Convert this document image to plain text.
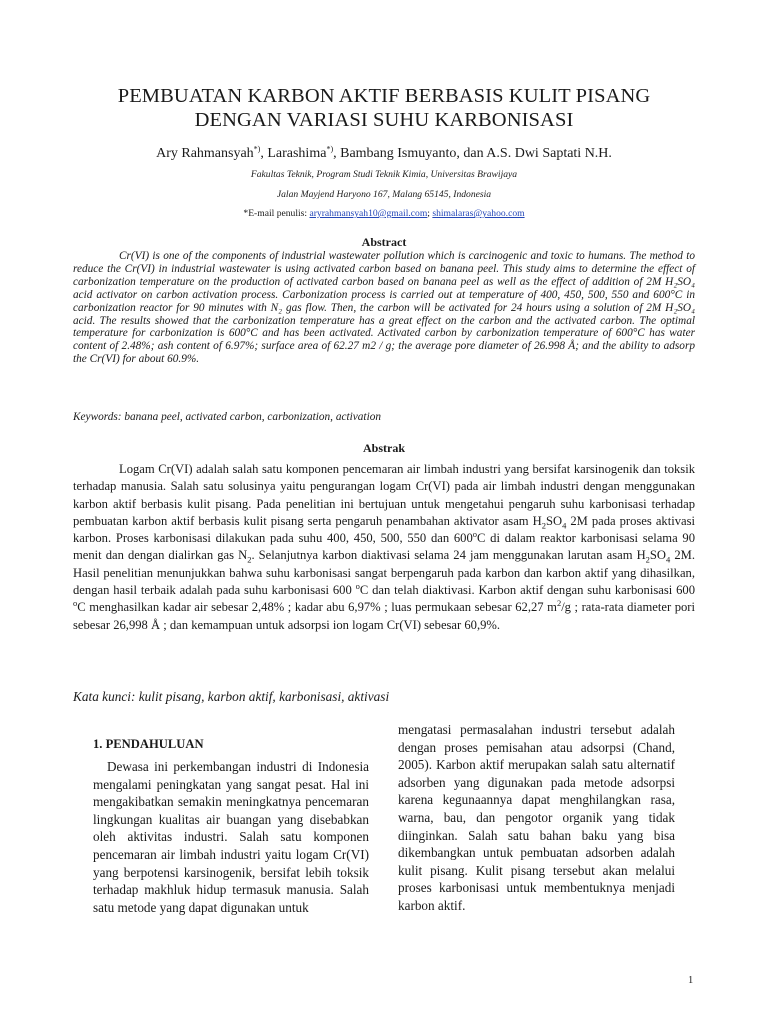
PEMBUATAN KARBON AKTIF BERBASIS KULIT PISANG
DENGAN VARIASI SUHU KARBONISASI
Ary Rahmansyah*), Larashima*), Bambang Ismuyanto, dan A.S. Dwi Saptati N.H.
Fakultas Teknik, Program Studi Teknik Kimia, Universitas Brawijaya
Jalan Mayjend Haryono 167, Malang 65145, Indonesia
*E-mail penulis: aryrahmansyah10@gmail.com; shimalaras@yahoo.com
Abstract

Cr(VI) is one of the components of industrial wastewater pollution which is carcinogenic and toxic to humans. The method to reduce the Cr(VI) in industrial wastewater is using activated carbon based on banana peel. This study aims to determine the effect of carbonization temperature on the production of activated carbon based on banana peel as well as the effect of addition of 2M H₂SO₄ acid activator on carbon activation process. Carbonization process is carried out at temperature of 400, 450, 500, 550 and 600°C in carbonization reactor for 90 minutes with N₂ gas flow. Then, the carbon will be activated for 24 hours using a solution of 2M H₂SO₄ acid. The results showed that the carbonization temperature has a great effect on the carbon and the activated carbon. The optimal temperature for carbonization is 600°C and has been activated. Activated carbon by carbonization temperature of 600°C has water content of 2.48%; ash content of 6.97%; surface area of 62.27 m2 / g; the average pore diameter of 26.998 Å; and the ability to adsorp the Cr(VI) for about 60.9%.

Keywords: banana peel, activated carbon, carbonization, activation
Abstrak

Logam Cr(VI) adalah salah satu komponen pencemaran air limbah industri yang bersifat karsinogenik dan toksik terhadap manusia. Salah satu solusinya yaitu pengurangan logam Cr(VI) pada air limbah industri dengan menggunakan karbon aktif berbasis kulit pisang. Pada penelitian ini bertujuan untuk mengetahui pengaruh suhu karbonisasi terhadap pembuatan karbon aktif berbasis kulit pisang serta pengaruh penambahan aktivator asam $H_2SO_4$ 2M pada proses aktivasi karbon. Proses karbonisasi dilakukan pada suhu 400, 450, 500, 550 dan 600$^o$C di dalam reaktor karbonisasi selama 90 menit dan dengan dialirkan gas $N_2$. Selanjutnya karbon diaktivasi selama 24 jam menggunakan larutan asam $H_2SO_4$ 2M. Hasil penelitian menunjukkan bahwa suhu karbonisasi sangat berpengaruh pada karbon dan karbon aktif yang dihasilkan, dengan hasil terbaik adalah pada suhu karbonisasi 600 $^o$C dan telah diaktivasi. Karbon aktif dengan suhu karbonisasi 600 $^o$C menghasilkan kadar air sebesar 2,48% ; kadar abu 6,97% ; luas permukaan sebesar 62,27 $m^2/g$ ; rata-rata diameter pori sebesar 26,998 Å ; dan kemampuan untuk adsorpsi ion logam Cr(VI) sebesar 60,9%.

Kata kunci: kulit pisang, karbon aktif, karbonisasi, aktivasi
1. PENDAHULUAN

Dewasa ini perkembangan industri di Indonesia mengalami peningkatan yang sangat pesat. Hal ini mengakibatkan semakin meningkatnya pencemaran lingkungan kualitas air buangan yang disebabkan oleh aktivitas industri. Salah satu komponen pencemaran air limbah industri yaitu logam Cr(VI) yang berpotensi karsinogenik, bersifat lebih toksik terhadap makhluk hidup termasuk manusia. Salah satu metode yang dapat digunakan untuk

mengatasi permasalahan industri tersebut adalah dengan proses pemisahan atau adsorpsi (Chand, 2005). Karbon aktif merupakan salah satu alternatif adsorben yang digunakan pada metode adsorpsi karena kegunaannya dapat menghilangkan rasa, warna, bau, dan pengotor organik yang tidak diinginkan. Salah satu bahan baku yang bisa dikembangkan untuk pembuatan adsorben adalah kulit pisang. Kulit pisang tersebut akan melalui proses karbonisasi untuk membentuknya menjadi karbon aktif.

1
